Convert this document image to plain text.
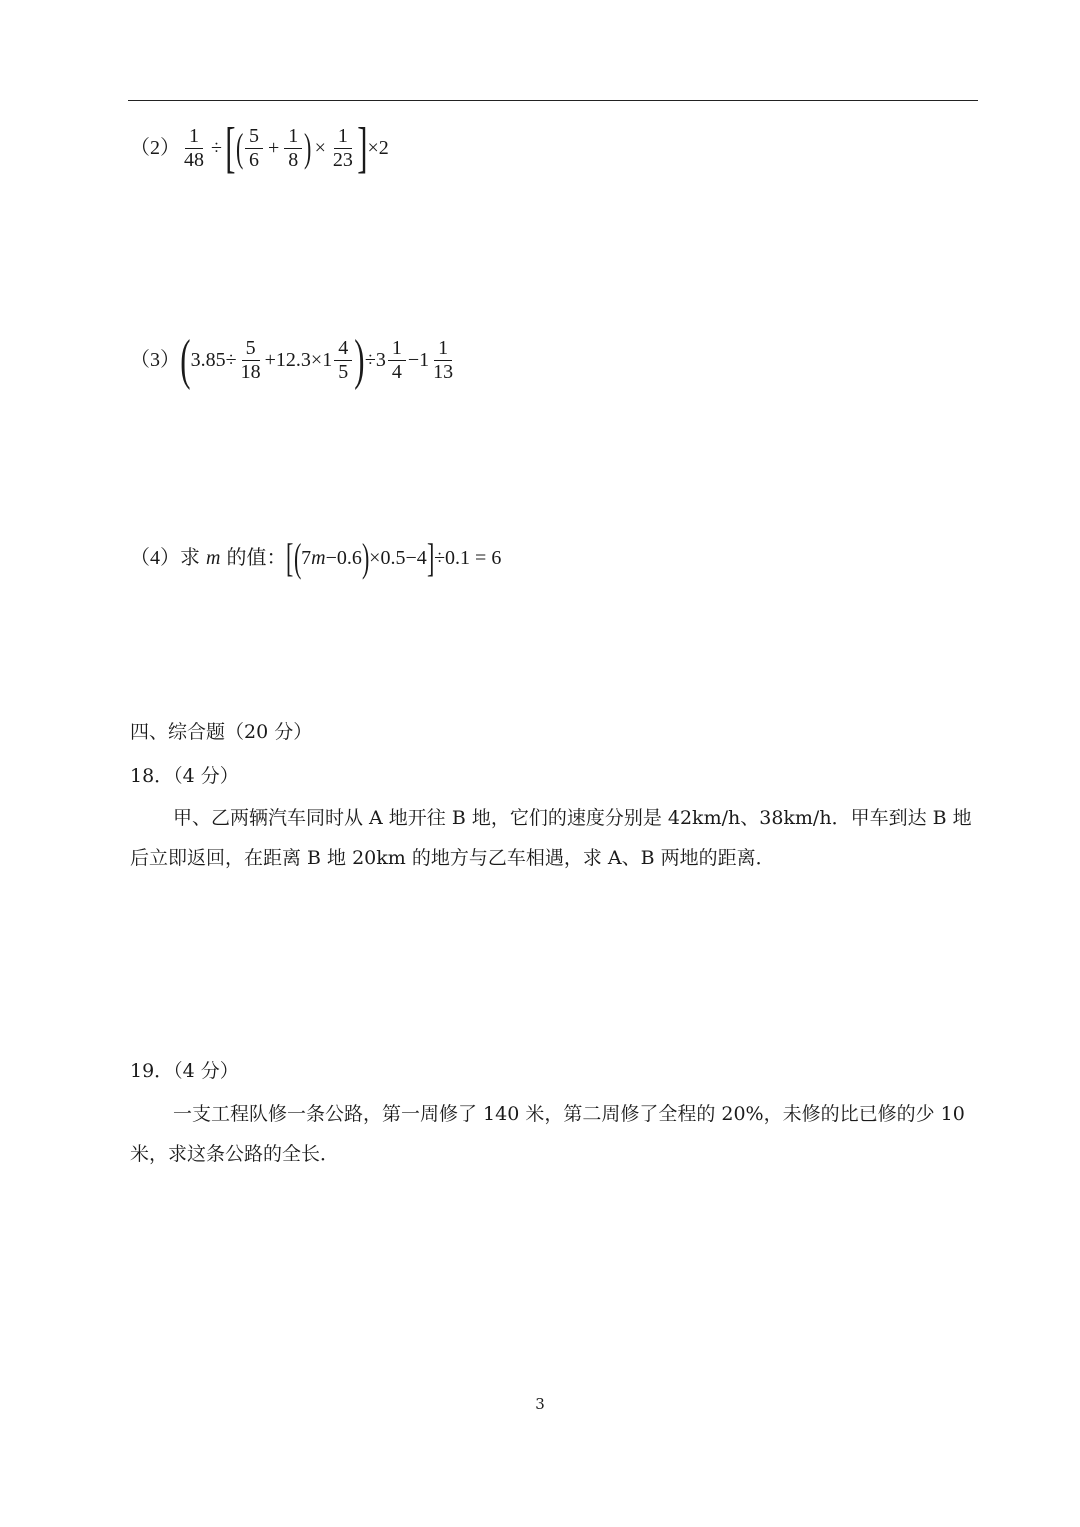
$(2) \frac{1}{48}$ ÷ [ ( $\frac{5}{6} + \frac{1}{8}$ ) × $\frac{1}{23}$ ] ×2
（3） ( $3.85\div \frac{5}{18} +12.3\times 1 \frac{4}{5}$ ) $\div 3 \frac{1}{4} -1 \frac{1}{13}$
（4）求 m 的值： [ ( 7 m −0.6 ) ×0.5−4 ] ÷0.1 = 6
四、综合题（20 分）
18．（4 分）
甲、乙两辆汽车同时从 A 地开往 B 地，它们的速度分别是 42km/h、38km/h．甲车到达 B 地后立即返回，在距离 B 地 20km 的地方与乙车相遇，求 A、B 两地的距离．
19．（4 分）
一支工程队修一条公路，第一周修了 140 米，第二周修了全程的 20%，未修的比已修的少 10 米，求这条公路的全长．
3
